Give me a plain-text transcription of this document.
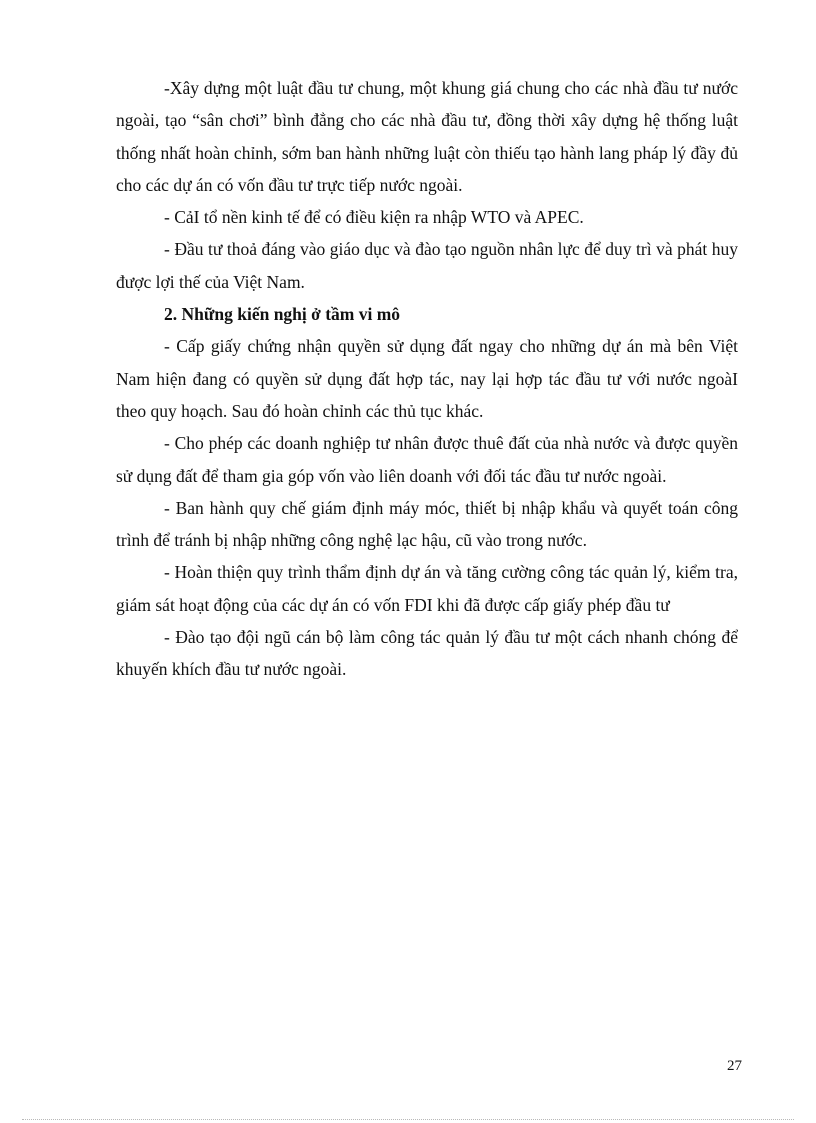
-Xây dựng một luật đầu tư chung, một khung giá chung cho các nhà đầu tư nước ngoài, tạo “sân chơi” bình đẳng cho các nhà đầu tư, đồng thời xây dựng hệ thống luật thống nhất hoàn chỉnh, sớm ban hành những luật còn thiếu tạo hành lang pháp lý đầy đủ cho các dự án có vốn đầu tư trực tiếp nước ngoài.

- CảI tổ nền kinh tế để có điều kiện ra nhập WTO và APEC.

- Đầu tư thoả đáng vào giáo dục và đào tạo nguồn nhân lực để duy trì và phát huy được lợi thế của Việt Nam.

2. Những kiến nghị ở tầm vi mô

- Cấp giấy chứng nhận quyền sử dụng đất ngay cho những dự án mà bên Việt Nam hiện đang có quyền sử dụng đất hợp tác, nay lại hợp tác đầu tư với nước ngoàI theo quy hoạch. Sau đó hoàn chỉnh các thủ tục khác.

- Cho phép các doanh nghiệp tư nhân được thuê đất của nhà nước và được quyền sử dụng đất để tham gia góp vốn vào liên doanh với đối tác đầu tư nước ngoài.

- Ban hành quy chế giám định máy móc, thiết bị nhập khẩu và quyết toán công trình để tránh bị nhập những công nghệ lạc hậu, cũ vào trong nước.

- Hoàn thiện quy trình thẩm định dự án và tăng cường công tác quản lý, kiểm tra, giám sát hoạt động của các dự án có vốn FDI khi đã được cấp giấy phép đầu tư

- Đào tạo đội ngũ cán bộ làm công tác quản lý đầu tư một cách nhanh chóng để khuyến khích đầu tư nước ngoài.

27
